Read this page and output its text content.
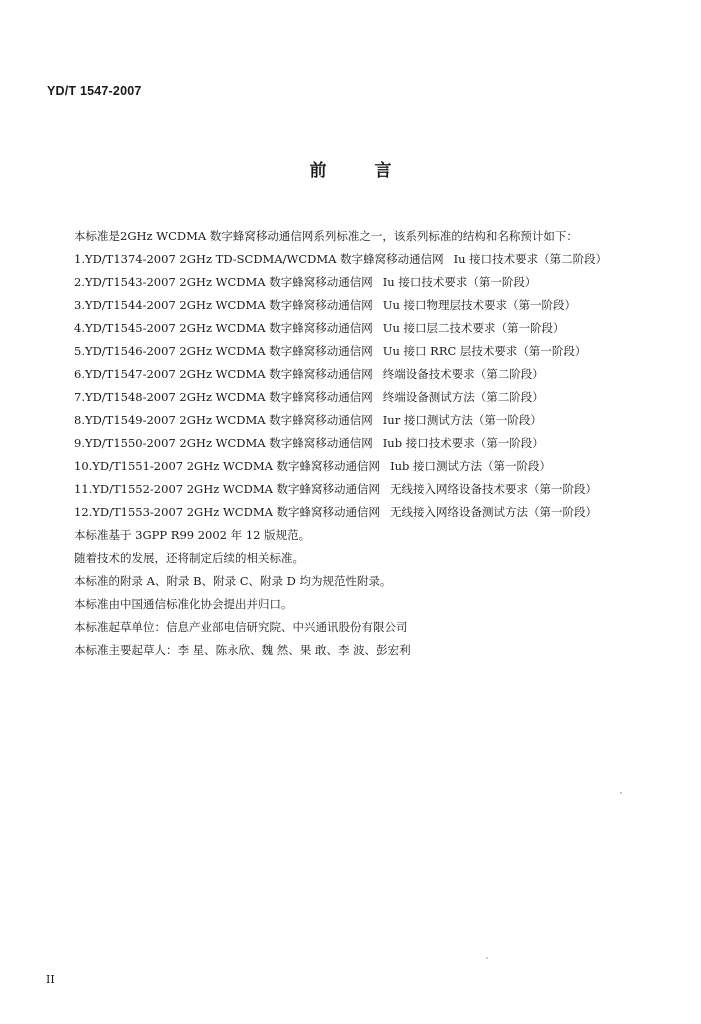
YD/T 1547-2007
前	言
本标准是2GHz WCDMA 数字蜂窝移动通信网系列标准之一，该系列标准的结构和名称预计如下：
1. YD/T1374-2007 2GHz TD-SCDMA/WCDMA 数字蜂窝移动通信网 Iu 接口技术要求（第二阶段）
2. YD/T1543-2007 2GHz WCDMA 数字蜂窝移动通信网 Iu 接口技术要求（第一阶段）
3. YD/T1544-2007 2GHz WCDMA 数字蜂窝移动通信网 Uu 接口物理层技术要求（第一阶段）
4. YD/T1545-2007 2GHz WCDMA 数字蜂窝移动通信网 Uu 接口层二技术要求（第一阶段）
5. YD/T1546-2007 2GHz WCDMA 数字蜂窝移动通信网 Uu 接口 RRC 层技术要求（第一阶段）
6. YD/T1547-2007 2GHz WCDMA 数字蜂窝移动通信网 终端设备技术要求（第二阶段）
7. YD/T1548-2007 2GHz WCDMA 数字蜂窝移动通信网 终端设备测试方法（第二阶段）
8. YD/T1549-2007 2GHz WCDMA 数字蜂窝移动通信网 Iur 接口测试方法（第一阶段）
9. YD/T1550-2007 2GHz WCDMA 数字蜂窝移动通信网 Iub 接口技术要求（第一阶段）
10. YD/T1551-2007 2GHz WCDMA 数字蜂窝移动通信网 Iub 接口测试方法（第一阶段）
11. YD/T1552-2007 2GHz WCDMA 数字蜂窝移动通信网 无线接入网络设备技术要求（第一阶段）
12. YD/T1553-2007 2GHz WCDMA 数字蜂窝移动通信网 无线接入网络设备测试方法（第一阶段）
本标准基于 3GPP R99 2002 年 12 版规范。
随着技术的发展，还将制定后续的相关标准。
本标准的附录 A、附录 B、附录 C、附录 D 均为规范性附录。
本标准由中国通信标准化协会提出并归口。
本标准起草单位：信息产业部电信研究院、中兴通讯股份有限公司
本标准主要起草人：李 星、陈永欣、魏 然、果 敢、李 波、彭宏利
II
